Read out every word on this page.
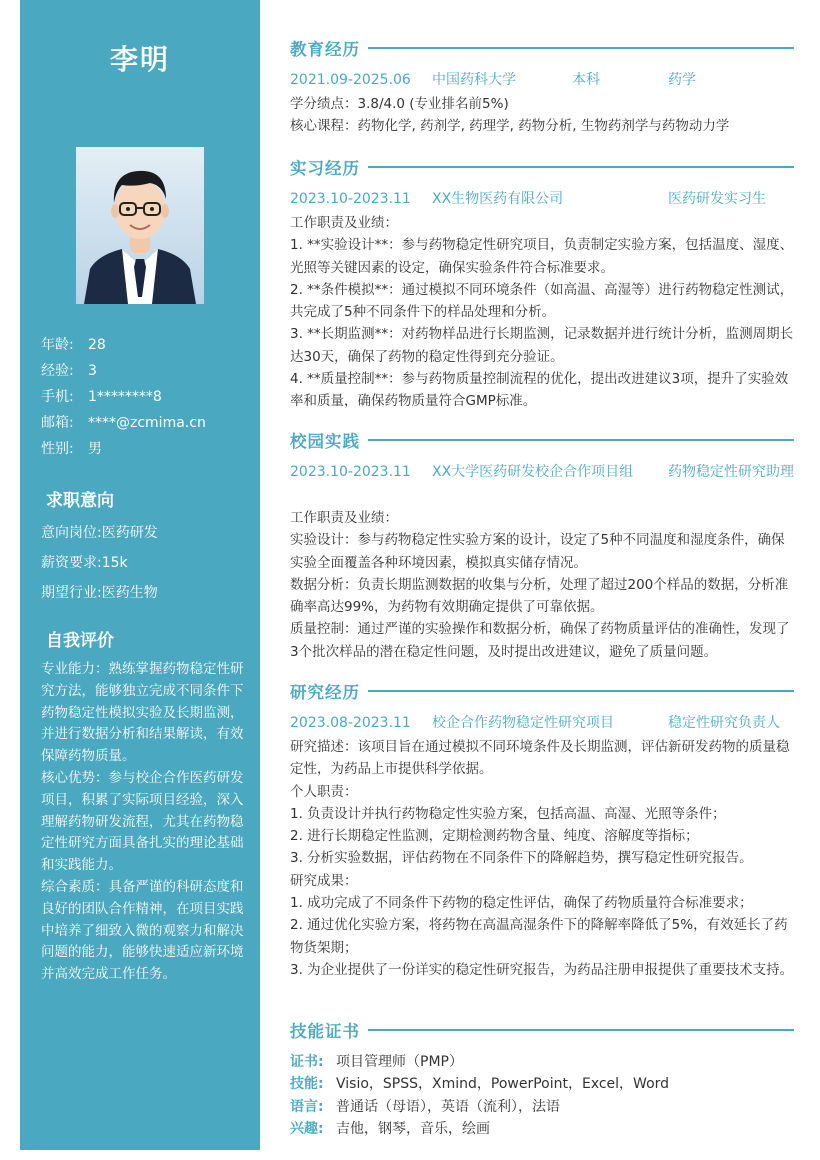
李明
年龄: 28
经验: 3
手机: 1********8
邮箱: ****@zcmima.cn
性别: 男
求职意向
意向岗位:医药研发
薪资要求:15k
期望行业:医药生物
自我评价

专业能力：熟练掌握药物稳定性研究方法，能够独立完成不同条件下药物稳定性模拟实验及长期监测，并进行数据分析和结果解读，有效保障药物质量。

核心优势：参与校企合作医药研发项目，积累了实际项目经验，深入理解药物研发流程，尤其在药物稳定性研究方面具备扎实的理论基础和实践能力。

综合素质：具备严谨的科研态度和良好的团队合作精神，在项目实践中培养了细致入微的观察力和解决问题的能力，能够快速适应新环境并高效完成工作任务。

教育经历
2021.09-2025.06 中国药科大学	本科	药学

学分绩点：3.8/4.0 (专业排名前5%)

核心课程：药物化学, 药剂学, 药理学, 药物分析, 生物药剂学与药物动力学

实习经历
2023.10-2023.11 XX生物医药有限公司	医药研发实习生

工作职责及业绩：

1. **实验设计**：参与药物稳定性研究项目，负责制定实验方案，包括温度、湿度、光照等关键因素的设定，确保实验条件符合标准要求。

2. **条件模拟**：通过模拟不同环境条件（如高温、高湿等）进行药物稳定性测试，共完成了5种不同条件下的样品处理和分析。

3. **长期监测**：对药物样品进行长期监测，记录数据并进行统计分析，监测周期长达30天，确保了药物的稳定性得到充分验证。

4. **质量控制**：参与药物质量控制流程的优化，提出改进建议3项，提升了实验效率和质量，确保药物质量符合GMP标准。

校园实践
2023.10-2023.11 XX大学医药研发校企合作项目组 药物稳定性研究助理

工作职责及业绩：

实验设计：参与药物稳定性实验方案的设计，设定了5种不同温度和湿度条件，确保实验全面覆盖各种环境因素，模拟真实储存情况。

数据分析：负责长期监测数据的收集与分析，处理了超过200个样品的数据，分析准确率高达99%，为药物有效期确定提供了可靠依据。

质量控制：通过严谨的实验操作和数据分析，确保了药物质量评估的准确性，发现了3个批次样品的潜在稳定性问题，及时提出改进建议，避免了质量问题。

研究经历
2023.08-2023.11 校企合作药物稳定性研究项目	稳定性研究负责人

研究描述：该项目旨在通过模拟不同环境条件及长期监测，评估新研发药物的质量稳定性，为药品上市提供科学依据。

个人职责：

1. 负责设计并执行药物稳定性实验方案，包括高温、高湿、光照等条件；

2. 进行长期稳定性监测，定期检测药物含量、纯度、溶解度等指标；

3. 分析实验数据，评估药物在不同条件下的降解趋势，撰写稳定性研究报告。

研究成果：

1. 成功完成了不同条件下药物的稳定性评估，确保了药物质量符合标准要求；

2. 通过优化实验方案，将药物在高温高湿条件下的降解率降低了5%，有效延长了药物货架期；

3. 为企业提供了一份详实的稳定性研究报告，为药品注册申报提供了重要技术支持。

技能证书
证书: 项目管理师（PMP）
技能: Visio，SPSS，Xmind，PowerPoint，Excel，Word
语言: 普通话（母语），英语（流利），法语
兴趣: 吉他，钢琴，音乐，绘画
